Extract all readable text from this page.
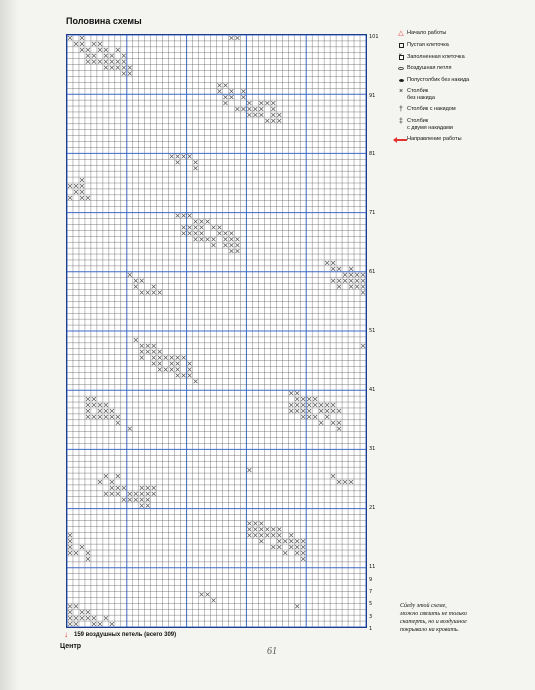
Половина схемы
101
91
81
71
61
51
41
31
21
11
9
7
5
3
1
△ Начало работы
Пустая клеточка
×
Заполненная клеточка
Воздушная петля
Полустолбик без накида
× Столбик
без накида
† Столбик с накидом
‡ Столбик
с двумя накидами
Направление работы
↓ 159 воздушных петель (всего 309)
Центр	61
Сйеду этой схеме,
можно связать не только
скатерть, но и воздушное
покрывало на кровать.
